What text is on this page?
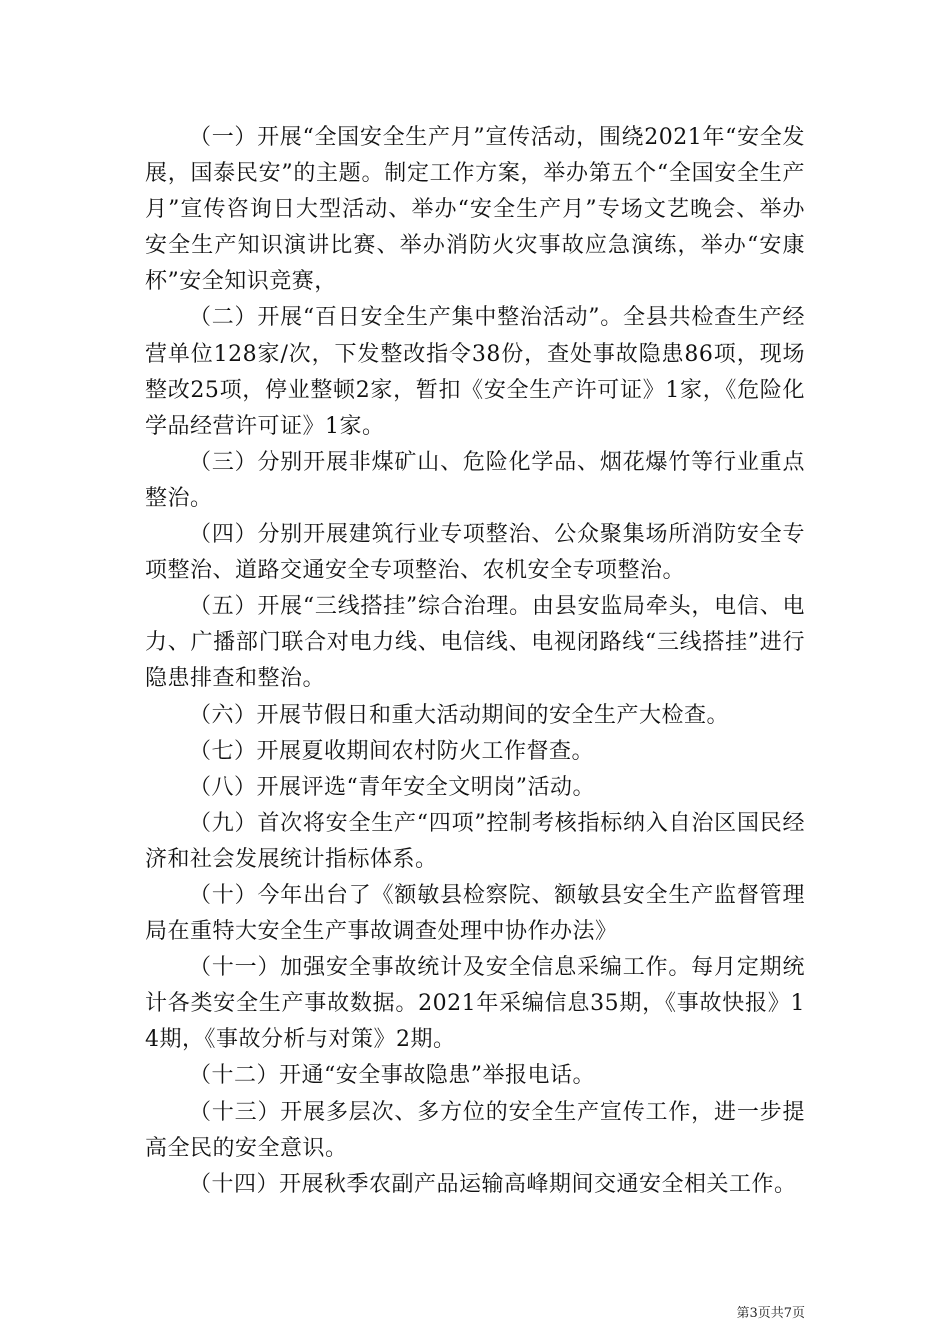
（一）开展“全国安全生产月”宣传活动，围绕2021年“安全发展，国泰民安”的主题。制定工作方案，举办第五个“全国安全生产月”宣传咨询日大型活动、举办“安全生产月”专场文艺晚会、举办安全生产知识演讲比赛、举办消防火灾事故应急演练，举办“安康杯”安全知识竞赛，

（二）开展“百日安全生产集中整治活动”。全县共检查生产经营单位128家/次，下发整改指令38份，查处事故隐患86项，现场整改25项，停业整顿2家，暂扣《安全生产许可证》1家，《危险化学品经营许可证》1家。

（三）分别开展非煤矿山、危险化学品、烟花爆竹等行业重点整治。

（四）分别开展建筑行业专项整治、公众聚集场所消防安全专项整治、道路交通安全专项整治、农机安全专项整治。

（五）开展“三线搭挂”综合治理。由县安监局牵头，电信、电力、广播部门联合对电力线、电信线、电视闭路线“三线搭挂”进行隐患排查和整治。

（六）开展节假日和重大活动期间的安全生产大检查。

（七）开展夏收期间农村防火工作督查。

（八）开展评选“青年安全文明岗”活动。

（九）首次将安全生产“四项”控制考核指标纳入自治区国民经济和社会发展统计指标体系。

（十）今年出台了《额敏县检察院、额敏县安全生产监督管理局在重特大安全生产事故调查处理中协作办法》

（十一）加强安全事故统计及安全信息采编工作。每月定期统计各类安全生产事故数据。2021年采编信息35期，《事故快报》14期，《事故分析与对策》2期。

（十二）开通“安全事故隐患”举报电话。

（十三）开展多层次、多方位的安全生产宣传工作，进一步提高全民的安全意识。

（十四）开展秋季农副产品运输高峰期间交通安全相关工作。

第3页共7页
